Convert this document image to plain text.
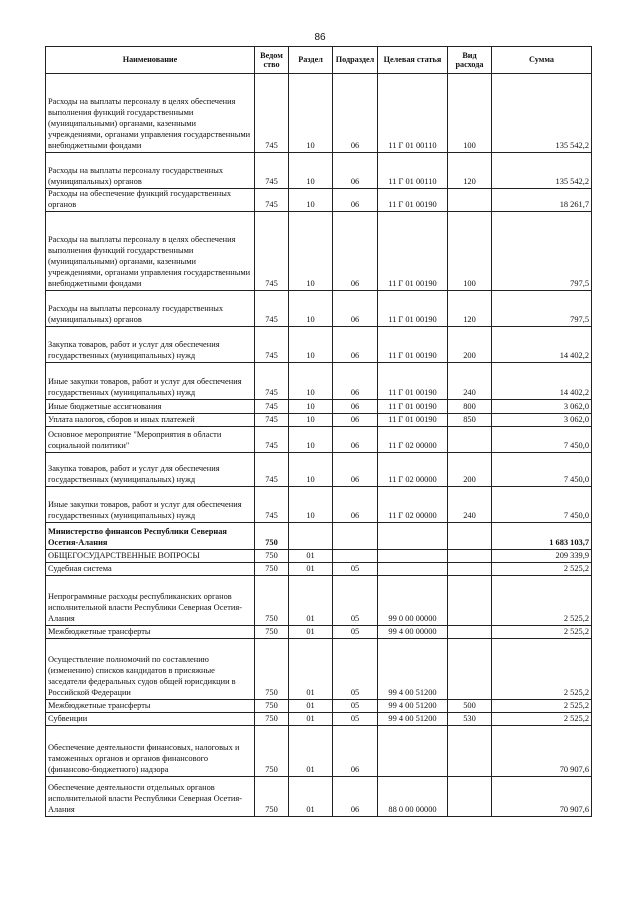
86
Наименование	Ведом ство	Раздел	Подраздел	Целевая статья	Вид расхода	Сумма
Расходы на выплаты персоналу в целях обеспечения выполнения функций государственными (муниципальными) органами, казенными учреждениями, органами управления государственными внебюджетными фондами	745	10	06	11 Г 01 00110	100	135 542,2
Расходы на выплаты персоналу государственных (муниципальных) органов	745	10	06	11 Г 01 00110	120	135 542,2
Расходы на обеспечение функций государственных органов	745	10	06	11 Г 01 00190		18 261,7
Расходы на выплаты персоналу в целях обеспечения выполнения функций государственными (муниципальными) органами, казенными учреждениями, органами управления государственными внебюджетными фондами	745	10	06	11 Г 01 00190	100	797,5
Расходы на выплаты персоналу государственных (муниципальных) органов	745	10	06	11 Г 01 00190	120	797,5
Закупка товаров, работ и услуг для обеспечения государственных (муниципальных) нужд	745	10	06	11 Г 01 00190	200	14 402,2
Иные закупки товаров, работ и услуг для обеспечения государственных (муниципальных) нужд	745	10	06	11 Г 01 00190	240	14 402,2
Иные бюджетные ассигнования	745	10	06	11 Г 01 00190	800	3 062,0
Уплата налогов, сборов и иных платежей	745	10	06	11 Г 01 00190	850	3 062,0
Основное мероприятие "Мероприятия в области социальной политики"	745	10	06	11 Г 02 00000		7 450,0
Закупка товаров, работ и услуг для обеспечения государственных (муниципальных) нужд	745	10	06	11 Г 02 00000	200	7 450,0
Иные закупки товаров, работ и услуг для обеспечения государственных (муниципальных) нужд	745	10	06	11 Г 02 00000	240	7 450,0
Министерство финансов Республики Северная Осетия-Алания	750					1 683 103,7
ОБЩЕГОСУДАРСТВЕННЫЕ ВОПРОСЫ	750	01				209 339,9
Судебная система	750	01	05			2 525,2
Непрограммные расходы республиканских органов исполнительной власти Республики Северная Осетия-Алания	750	01	05	99 0 00 00000		2 525,2
Межбюджетные трансферты	750	01	05	99 4 00 00000		2 525,2
Осуществление полномочий по составлению (изменению) списков кандидатов в присяжные заседатели федеральных судов общей юрисдикции в Российской Федерации	750	01	05	99 4 00 51200		2 525,2
Межбюджетные трансферты	750	01	05	99 4 00 51200	500	2 525,2
Субвенции	750	01	05	99 4 00 51200	530	2 525,2
Обеспечение деятельности финансовых, налоговых и таможенных органов и органов финансового (финансово-бюджетного) надзора	750	01	06			70 907,6
Обеспечение деятельности отдельных органов исполнительной власти Республики Северная Осетия-Алания	750	01	06	88 0 00 00000		70 907,6
